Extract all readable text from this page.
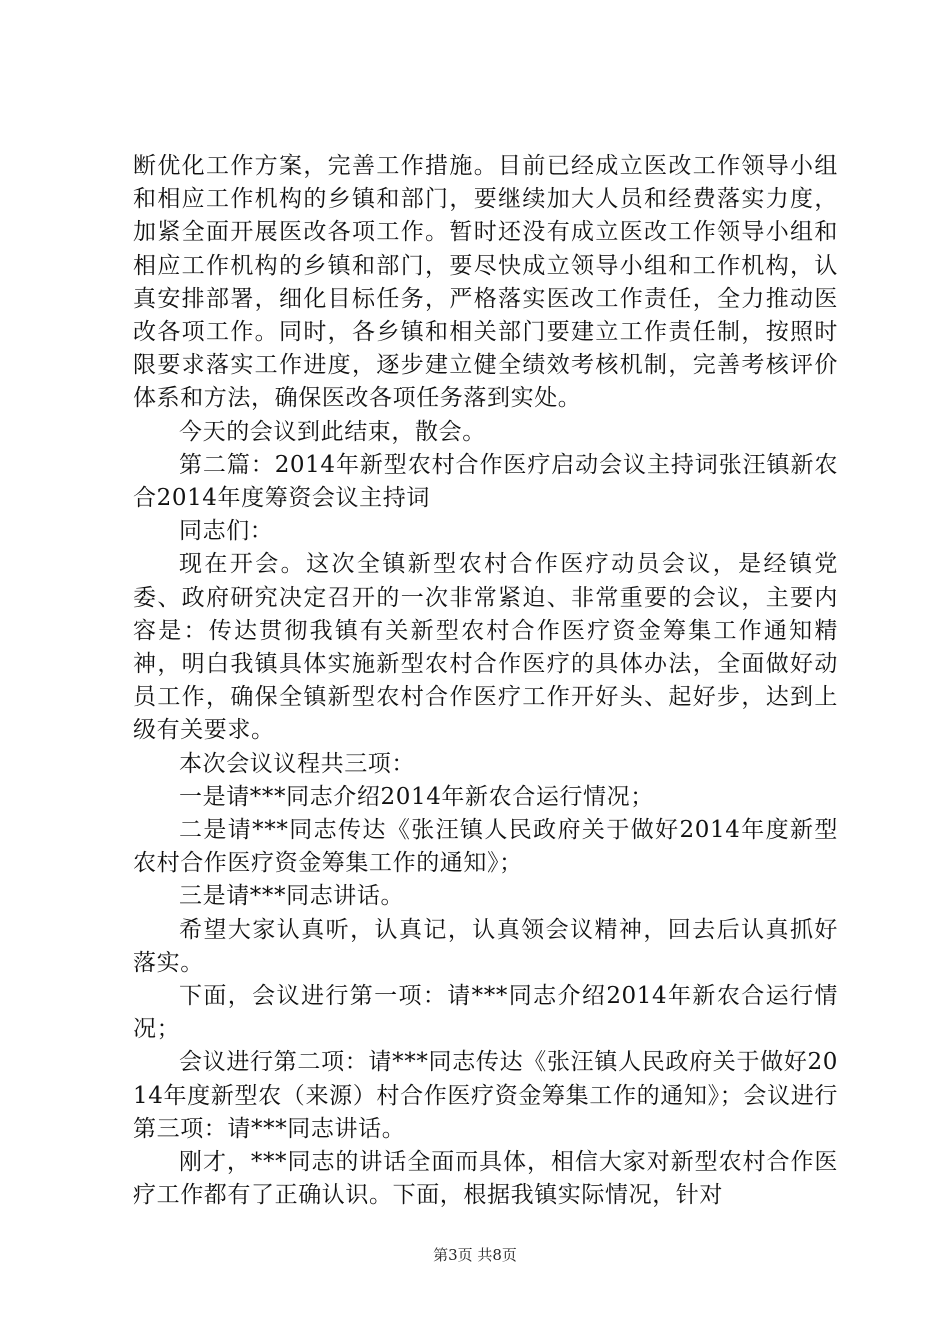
断优化工作方案，完善工作措施。目前已经成立医改工作领导小组和相应工作机构的乡镇和部门，要继续加大人员和经费落实力度，加紧全面开展医改各项工作。暂时还没有成立医改工作领导小组和相应工作机构的乡镇和部门，要尽快成立领导小组和工作机构，认真安排部署，细化目标任务，严格落实医改工作责任，全力推动医改各项工作。同时，各乡镇和相关部门要建立工作责任制，按照时限要求落实工作进度，逐步建立健全绩效考核机制，完善考核评价体系和方法，确保医改各项任务落到实处。

今天的会议到此结束，散会。

第二篇：2014年新型农村合作医疗启动会议主持词张汪镇新农合2014年度筹资会议主持词

同志们：

现在开会。这次全镇新型农村合作医疗动员会议，是经镇党委、政府研究决定召开的一次非常紧迫、非常重要的会议，主要内容是：传达贯彻我镇有关新型农村合作医疗资金筹集工作通知精神，明白我镇具体实施新型农村合作医疗的具体办法，全面做好动员工作，确保全镇新型农村合作医疗工作开好头、起好步，达到上级有关要求。

本次会议议程共三项：

一是请***同志介绍2014年新农合运行情况；

二是请***同志传达《张汪镇人民政府关于做好2014年度新型农村合作医疗资金筹集工作的通知》；

三是请***同志讲话。

希望大家认真听，认真记，认真领会议精神，回去后认真抓好落实。

下面，会议进行第一项：请***同志介绍2014年新农合运行情况；

会议进行第二项：请***同志传达《张汪镇人民政府关于做好2014年度新型农（来源）村合作医疗资金筹集工作的通知》；会议进行第三项：请***同志讲话。

刚才，***同志的讲话全面而具体，相信大家对新型农村合作医疗工作都有了正确认识。下面，根据我镇实际情况，针对

第3页 共8页
